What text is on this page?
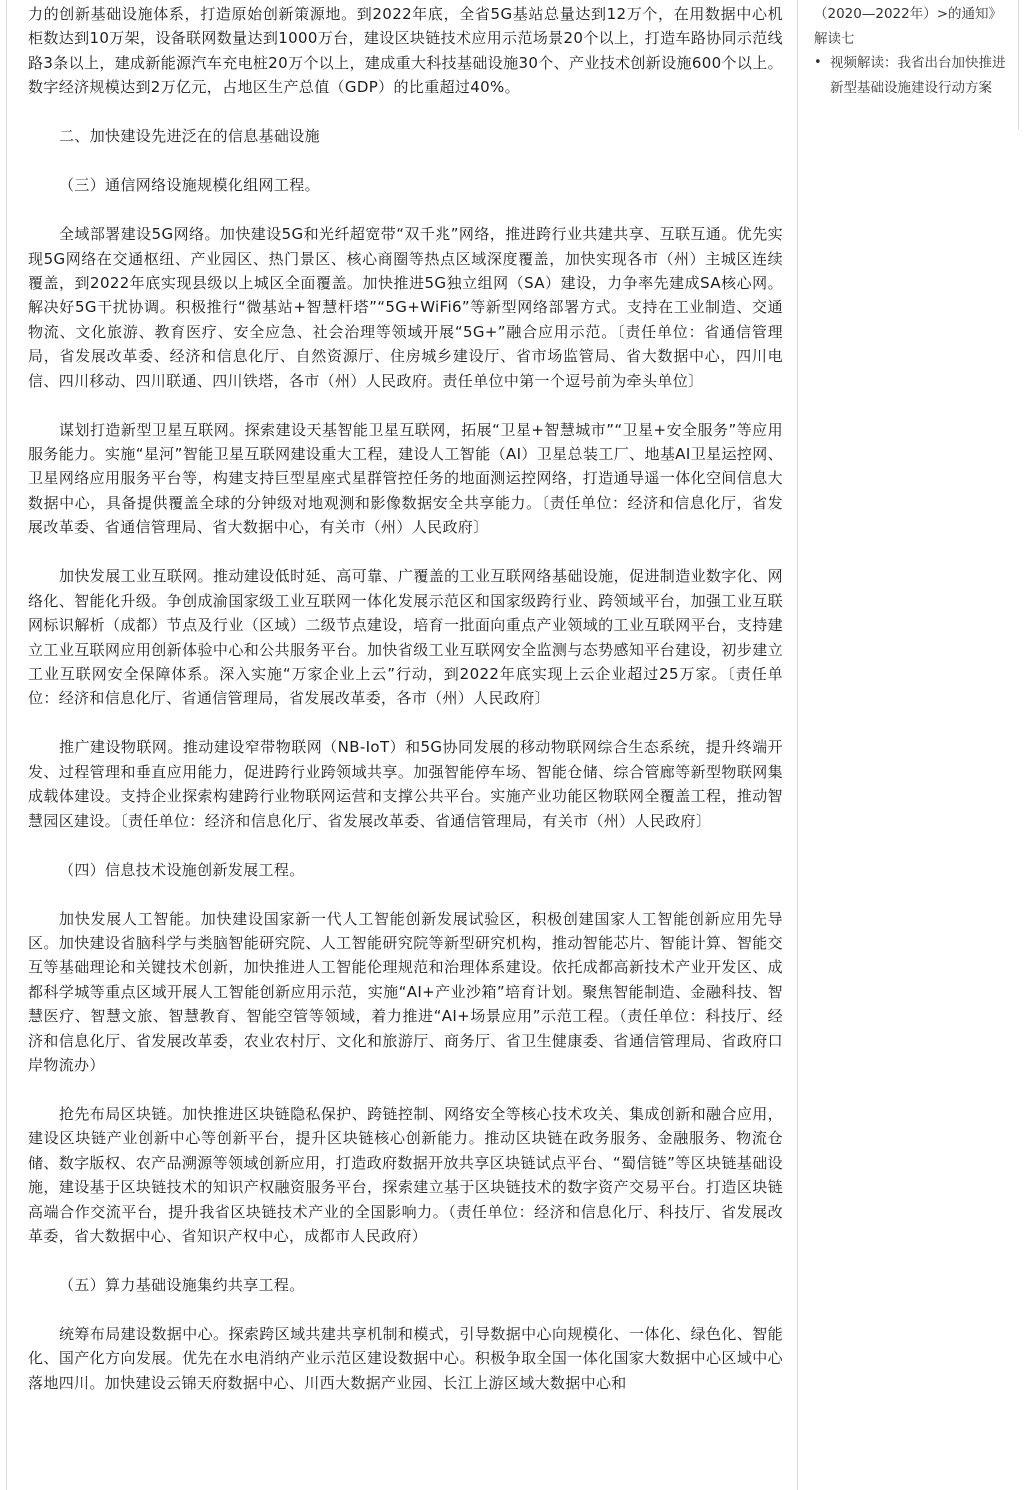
力的创新基础设施体系，打造原始创新策源地。到2022年底，全省5G基站总量达到12万个，在用数据中心机柜数达到10万架，设备联网数量达到1000万台，建设区块链技术应用示范场景20个以上，打造车路协同示范线路3条以上，建成新能源汽车充电桩20万个以上，建成重大科技基础设施30个、产业技术创新设施600个以上。数字经济规模达到2万亿元，占地区生产总值（GDP）的比重超过40%。

二、加快建设先进泛在的信息基础设施

（三）通信网络设施规模化组网工程。

全域部署建设5G网络。加快建设5G和光纤超宽带“双千兆”网络，推进跨行业共建共享、互联互通。优先实现5G网络在交通枢纽、产业园区、热门景区、核心商圈等热点区域深度覆盖，加快实现各市（州）主城区连续覆盖，到2022年底实现县级以上城区全面覆盖。加快推进5G独立组网（SA）建设，力争率先建成SA核心网。解决好5G干扰协调。积极推行“微基站+智慧杆塔”“5G+WiFi6”等新型网络部署方式。支持在工业制造、交通物流、文化旅游、教育医疗、安全应急、社会治理等领域开展“5G+”融合应用示范。〔责任单位：省通信管理局，省发展改革委、经济和信息化厅、自然资源厅、住房城乡建设厅、省市场监管局、省大数据中心，四川电信、四川移动、四川联通、四川铁塔，各市（州）人民政府。责任单位中第一个逗号前为牵头单位〕

谋划打造新型卫星互联网。探索建设天基智能卫星互联网，拓展“卫星+智慧城市”“卫星+安全服务”等应用服务能力。实施“星河”智能卫星互联网建设重大工程，建设人工智能（AI）卫星总装工厂、地基AI卫星运控网、卫星网络应用服务平台等，构建支持巨型星座式星群管控任务的地面测运控网络，打造通导遥一体化空间信息大数据中心，具备提供覆盖全球的分钟级对地观测和影像数据安全共享能力。〔责任单位：经济和信息化厅，省发展改革委、省通信管理局、省大数据中心，有关市（州）人民政府〕

加快发展工业互联网。推动建设低时延、高可靠、广覆盖的工业互联网络基础设施，促进制造业数字化、网络化、智能化升级。争创成渝国家级工业互联网一体化发展示范区和国家级跨行业、跨领域平台，加强工业互联网标识解析（成都）节点及行业（区域）二级节点建设，培育一批面向重点产业领域的工业互联网平台，支持建立工业互联网应用创新体验中心和公共服务平台。加快省级工业互联网安全监测与态势感知平台建设，初步建立工业互联网安全保障体系。深入实施“万家企业上云”行动，到2022年底实现上云企业超过25万家。〔责任单位：经济和信息化厅、省通信管理局，省发展改革委，各市（州）人民政府〕

推广建设物联网。推动建设窄带物联网（NB-IoT）和5G协同发展的移动物联网综合生态系统，提升终端开发、过程管理和垂直应用能力，促进跨行业跨领域共享。加强智能停车场、智能仓储、综合管廊等新型物联网集成载体建设。支持企业探索构建跨行业物联网运营和支撑公共平台。实施产业功能区物联网全覆盖工程，推动智慧园区建设。〔责任单位：经济和信息化厅、省发展改革委、省通信管理局，有关市（州）人民政府〕

（四）信息技术设施创新发展工程。

加快发展人工智能。加快建设国家新一代人工智能创新发展试验区，积极创建国家人工智能创新应用先导区。加快建设省脑科学与类脑智能研究院、人工智能研究院等新型研究机构，推动智能芯片、智能计算、智能交互等基础理论和关键技术创新，加快推进人工智能伦理规范和治理体系建设。依托成都高新技术产业开发区、成都科学城等重点区域开展人工智能创新应用示范，实施“AI+产业沙箱”培育计划。聚焦智能制造、金融科技、智慧医疗、智慧文旅、智慧教育、智能空管等领域，着力推进“AI+场景应用”示范工程。（责任单位：科技厅、经济和信息化厅、省发展改革委，农业农村厅、文化和旅游厅、商务厅、省卫生健康委、省通信管理局、省政府口岸物流办）

抢先布局区块链。加快推进区块链隐私保护、跨链控制、网络安全等核心技术攻关、集成创新和融合应用，建设区块链产业创新中心等创新平台，提升区块链核心创新能力。推动区块链在政务服务、金融服务、物流仓储、数字版权、农产品溯源等领域创新应用，打造政府数据开放共享区块链试点平台、“蜀信链”等区块链基础设施，建设基于区块链技术的知识产权融资服务平台，探索建立基于区块链技术的数字资产交易平台。打造区块链高端合作交流平台，提升我省区块链技术产业的全国影响力。（责任单位：经济和信息化厅、科技厅、省发展改革委，省大数据中心、省知识产权中心，成都市人民政府）

（五）算力基础设施集约共享工程。

统筹布局建设数据中心。探索跨区域共建共享机制和模式，引导数据中心向规模化、一体化、绿色化、智能化、国产化方向发展。优先在水电消纳产业示范区建设数据中心。积极争取全国一体化国家大数据中心区域中心落地四川。加快建设云锦天府数据中心、川西大数据产业园、长江上游区域大数据中心和

（2020—2022年）>的通知》解读七

• 视频解读：我省出台加快推进新型基础设施建设行动方案
